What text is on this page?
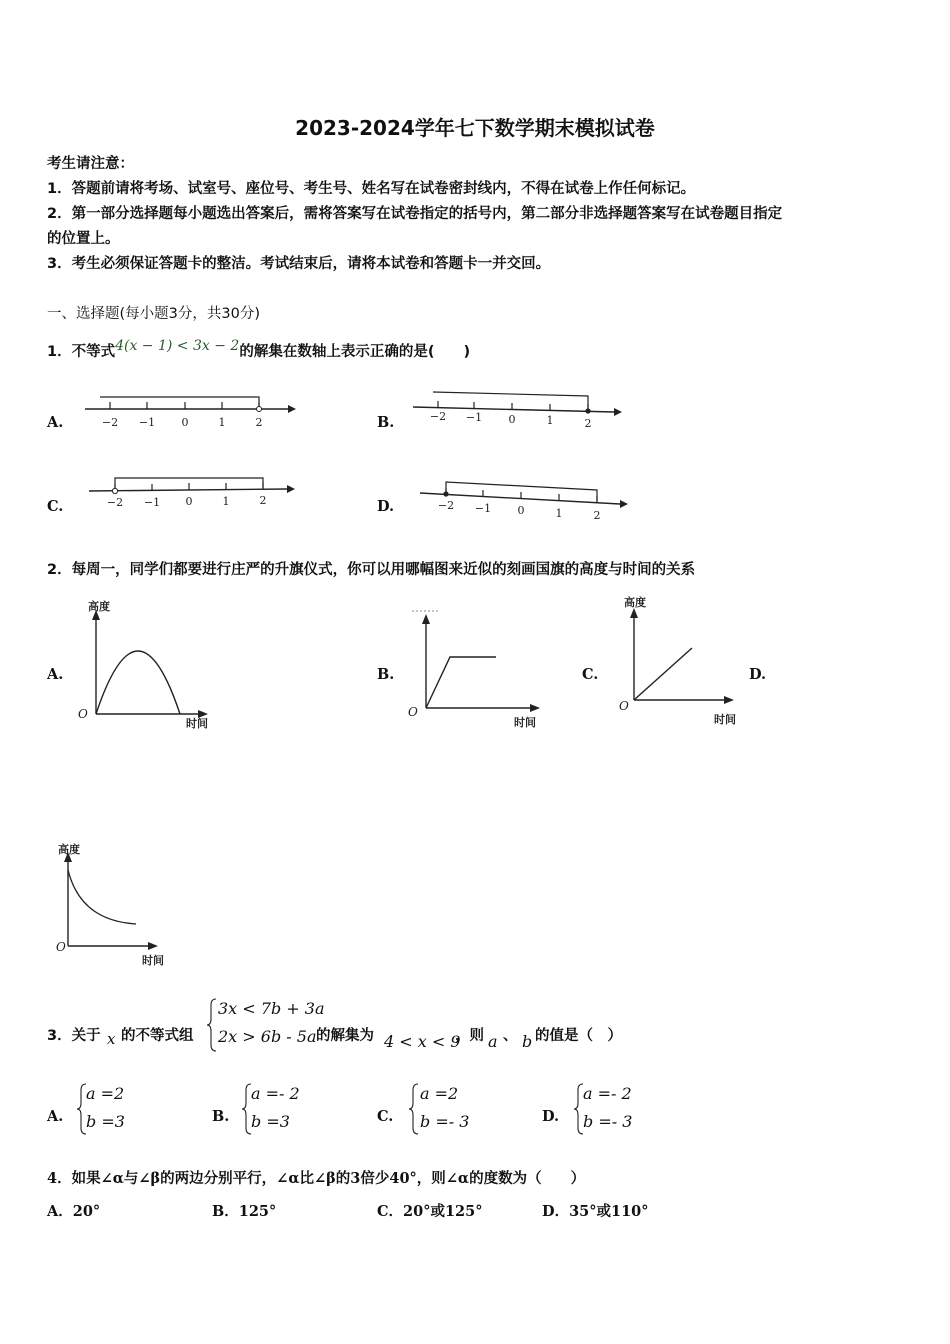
2023-2024学年七下数学期末模拟试卷
考生请注意：
1．答题前请将考场、试室号、座位号、考生号、姓名写在试卷密封线内，不得在试卷上作任何标记。
2．第一部分选择题每小题选出答案后，需将答案写在试卷指定的括号内，第二部分非选择题答案写在试卷题目指定
的位置上。
3．考生必须保证答题卡的整洁。考试结束后，请将本试卷和答题卡一并交回。
一、选择题(每小题3分，共30分)
1．不等式4(x − 1) < 3x − 2的解集在数轴上表示正确的是(　　)
A.	B.
C.	D.
−2 −1 0	1	2	−2 −1 0	1	2
−2 −1 0	1	2	−2 −1 0	1	2
2．每周一，同学们都要进行庄严的升旗仪式，你可以用哪幅图来近似的刻画国旗的高度与时间的关系
A.	B.	C.	D.
高度
O
时间
O
时间
高度
O
时间
高度
O
时间
3．关于 x 的不等式组
3x < 7b + 3a
2x > 6b - 5a 的解集为 4 < x < 9
，则 a 、 b 的值是（　）
A.
a =2
b =3	B.
a =- 2
b =3	C.
a =2
b =- 3	D.
a =- 2
b =- 3
4．如果∠α与∠β的两边分别平行，∠α比∠β的3倍少40°，则∠α的度数为（　　）
A．20°	B．125°	C．20°或125°	D．35°或110°
